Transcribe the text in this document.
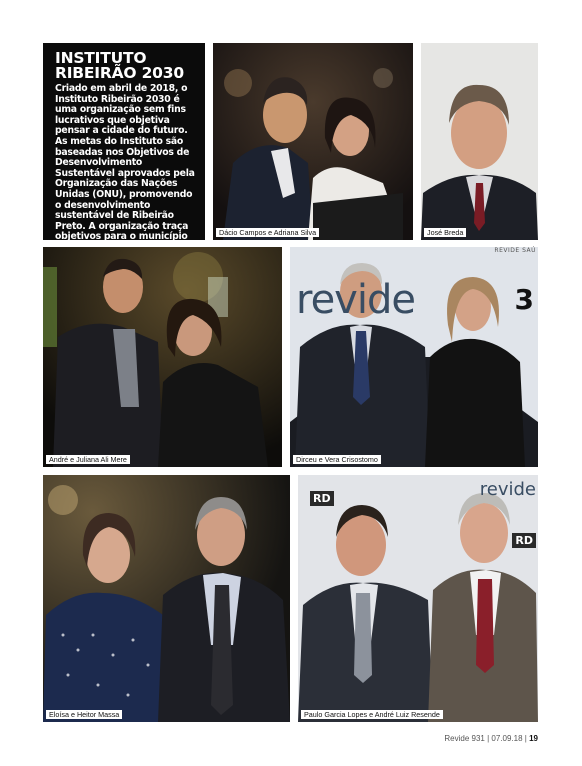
INSTITUTO
RIBEIRÃO 2030

Criado em abril de 2018, o Instituto Ribeirão 2030 é uma organização sem fins lucrativos que objetiva pensar a cidade do futuro. As metas do Instituto são baseadas nos Objetivos de Desenvolvimento Sustentável aprovados pela Organização das Nações Unidas (ONU), promovendo o desenvolvimento sustentável de Ribeirão Preto. A organização traça objetivos para o município	Dácio Campos e Adriana Silva	José Breda
André e Juliana Ali Mere
REVIDE SAÚ
revide	3
Dirceu e Vera Crisostomo
Eloísa e Heitor Massa
RD	revide
RD
Paulo Garcia Lopes e André Luiz Resende
Revide 931 | 07.09.18 | 19
